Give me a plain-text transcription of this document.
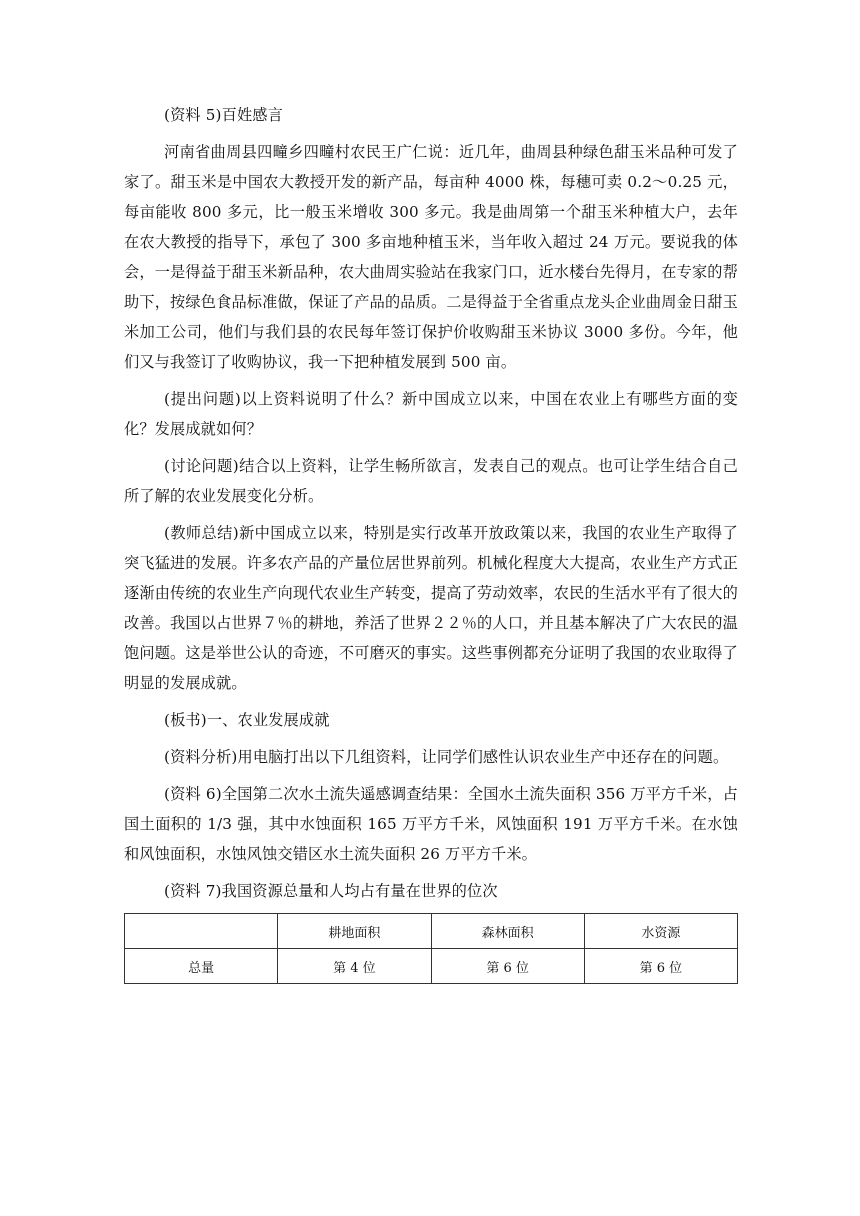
(资料 5)百姓感言

河南省曲周县四疃乡四疃村农民王广仁说：近几年，曲周县种绿色甜玉米品种可发了家了。甜玉米是中国农大教授开发的新产品，每亩种 4000 株，每穗可卖 0.2～0.25 元，每亩能收 800 多元，比一般玉米增收 300 多元。我是曲周第一个甜玉米种植大户，去年在农大教授的指导下，承包了 300 多亩地种植玉米，当年收入超过 24 万元。要说我的体会，一是得益于甜玉米新品种，农大曲周实验站在我家门口，近水楼台先得月，在专家的帮助下，按绿色食品标准做，保证了产品的品质。二是得益于全省重点龙头企业曲周金日甜玉米加工公司，他们与我们县的农民每年签订保护价收购甜玉米协议 3000 多份。今年，他们又与我签订了收购协议，我一下把种植发展到 500 亩。

(提出问题)以上资料说明了什么？新中国成立以来，中国在农业上有哪些方面的变化？发展成就如何？

(讨论问题)结合以上资料，让学生畅所欲言，发表自己的观点。也可让学生结合自己所了解的农业发展变化分析。

(教师总结)新中国成立以来，特别是实行改革开放政策以来，我国的农业生产取得了突飞猛进的发展。许多农产品的产量位居世界前列。机械化程度大大提高，农业生产方式正逐渐由传统的农业生产向现代农业生产转变，提高了劳动效率，农民的生活水平有了很大的改善。我国以占世界７％的耕地，养活了世界２２％的人口，并且基本解决了广大农民的温饱问题。这是举世公认的奇迹，不可磨灭的事实。这些事例都充分证明了我国的农业取得了明显的发展成就。

(板书)一、农业发展成就

(资料分析)用电脑打出以下几组资料，让同学们感性认识农业生产中还存在的问题。

(资料 6)全国第二次水土流失遥感调查结果：全国水土流失面积 356 万平方千米，占国土面积的 1/3 强，其中水蚀面积 165 万平方千米，风蚀面积 191 万平方千米。在水蚀和风蚀面积，水蚀风蚀交错区水土流失面积 26 万平方千米。

(资料 7)我国资源总量和人均占有量在世界的位次

	耕地面积	森林面积	水资源
总量	第 4 位	第 6 位	第 6 位
